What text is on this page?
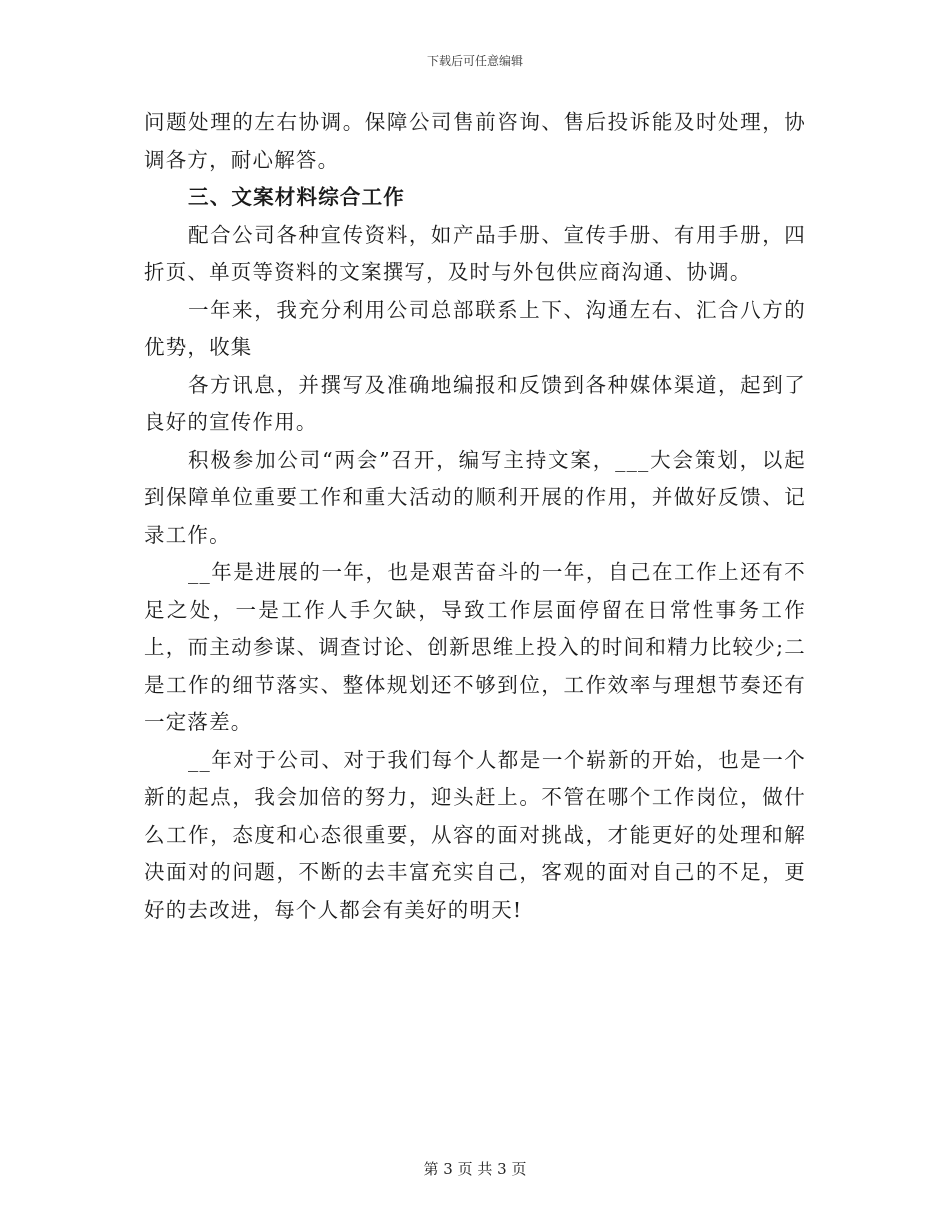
下载后可任意编辑

问题处理的左右协调。保障公司售前咨询、售后投诉能及时处理，协调各方，耐心解答。

三、文案材料综合工作

配合公司各种宣传资料，如产品手册、宣传手册、有用手册，四折页、单页等资料的文案撰写，及时与外包供应商沟通、协调。

一年来，我充分利用公司总部联系上下、沟通左右、汇合八方的优势，收集

各方讯息，并撰写及准确地编报和反馈到各种媒体渠道，起到了良好的宣传作用。

积极参加公司“两会”召开，编写主持文案，___大会策划，以起到保障单位重要工作和重大活动的顺利开展的作用，并做好反馈、记录工作。

__年是进展的一年，也是艰苦奋斗的一年，自己在工作上还有不足之处，一是工作人手欠缺，导致工作层面停留在日常性事务工作上，而主动参谋、调查讨论、创新思维上投入的时间和精力比较少;二是工作的细节落实、整体规划还不够到位，工作效率与理想节奏还有一定落差。

__年对于公司、对于我们每个人都是一个崭新的开始，也是一个新的起点，我会加倍的努力，迎头赶上。不管在哪个工作岗位，做什么工作，态度和心态很重要，从容的面对挑战，才能更好的处理和解决面对的问题，不断的去丰富充实自己，客观的面对自己的不足，更好的去改进，每个人都会有美好的明天!

第 3 页 共 3 页
